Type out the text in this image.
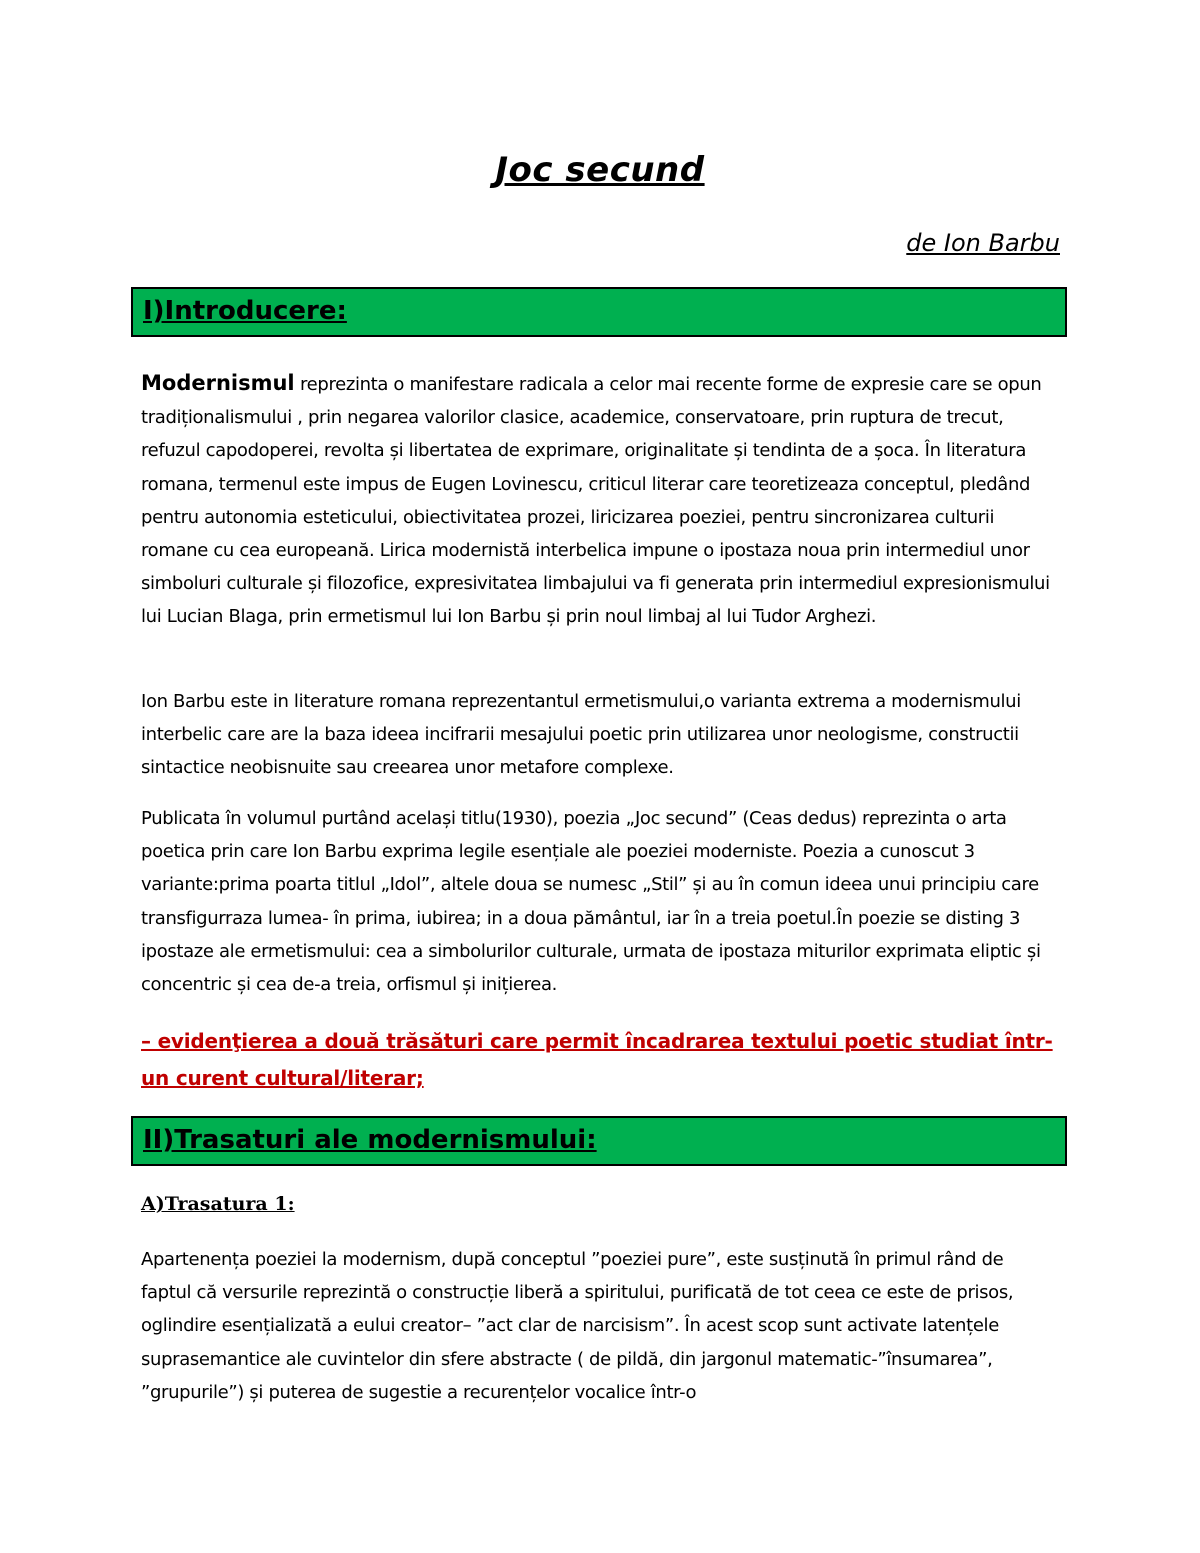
Joc secund
de Ion Barbu
I)Introducere:
Modernismul reprezinta o manifestare radicala a celor mai recente forme de expresie care se opun tradiționalismului , prin negarea valorilor clasice, academice, conservatoare, prin ruptura de trecut, refuzul capodoperei, revolta și libertatea de exprimare, originalitate și tendinta de a șoca. În literatura romana, termenul este impus de Eugen Lovinescu, criticul literar care teoretizeaza conceptul, pledând pentru autonomia esteticului, obiectivitatea prozei, liricizarea poeziei, pentru sincronizarea culturii romane cu cea europeană. Lirica modernistă interbelica impune o ipostaza noua prin intermediul unor simboluri culturale și filozofice, expresivitatea limbajului va fi generata prin intermediul expresionismului lui Lucian Blaga, prin ermetismul lui Ion Barbu și prin noul limbaj al lui Tudor Arghezi.
Ion Barbu este in literature romana reprezentantul ermetismului,o varianta extrema a modernismului interbelic care are la baza ideea incifrarii mesajului poetic prin utilizarea unor neologisme, constructii sintactice neobisnuite sau creearea unor metafore complexe.
Publicata în volumul purtând același titlu(1930), poezia „Joc secund” (Ceas dedus) reprezinta o arta poetica prin care Ion Barbu exprima legile esențiale ale poeziei moderniste. Poezia a cunoscut 3 variante:prima poarta titlul „Idol”, altele doua se numesc „Stil” și au în comun ideea unui principiu care transfigurraza lumea- în prima, iubirea; in a doua pământul, iar în a treia poetul.În poezie se disting 3 ipostaze ale ermetismului: cea a simbolurilor culturale, urmata de ipostaza miturilor exprimata eliptic și concentric și cea de-a treia, orfismul și inițierea.
– evidenţierea a două trăsături care permit încadrarea textului poetic studiat într-un curent cultural/literar;
II)Trasaturi ale modernismului:
A)Trasatura 1:
Apartenența poeziei la modernism, după conceptul ”poeziei pure”, este susținută în primul rând de faptul că versurile reprezintă o construcție liberă a spiritului, purificată de tot ceea ce este de prisos, oglindire esențializată a eului creator– ”act clar de narcisism”. În acest scop sunt activate latențele suprasemantice ale cuvintelor din sfere abstracte ( de pildă, din jargonul matematic-”însumarea”, ”grupurile”) și puterea de sugestie a recurențelor vocalice într-o
